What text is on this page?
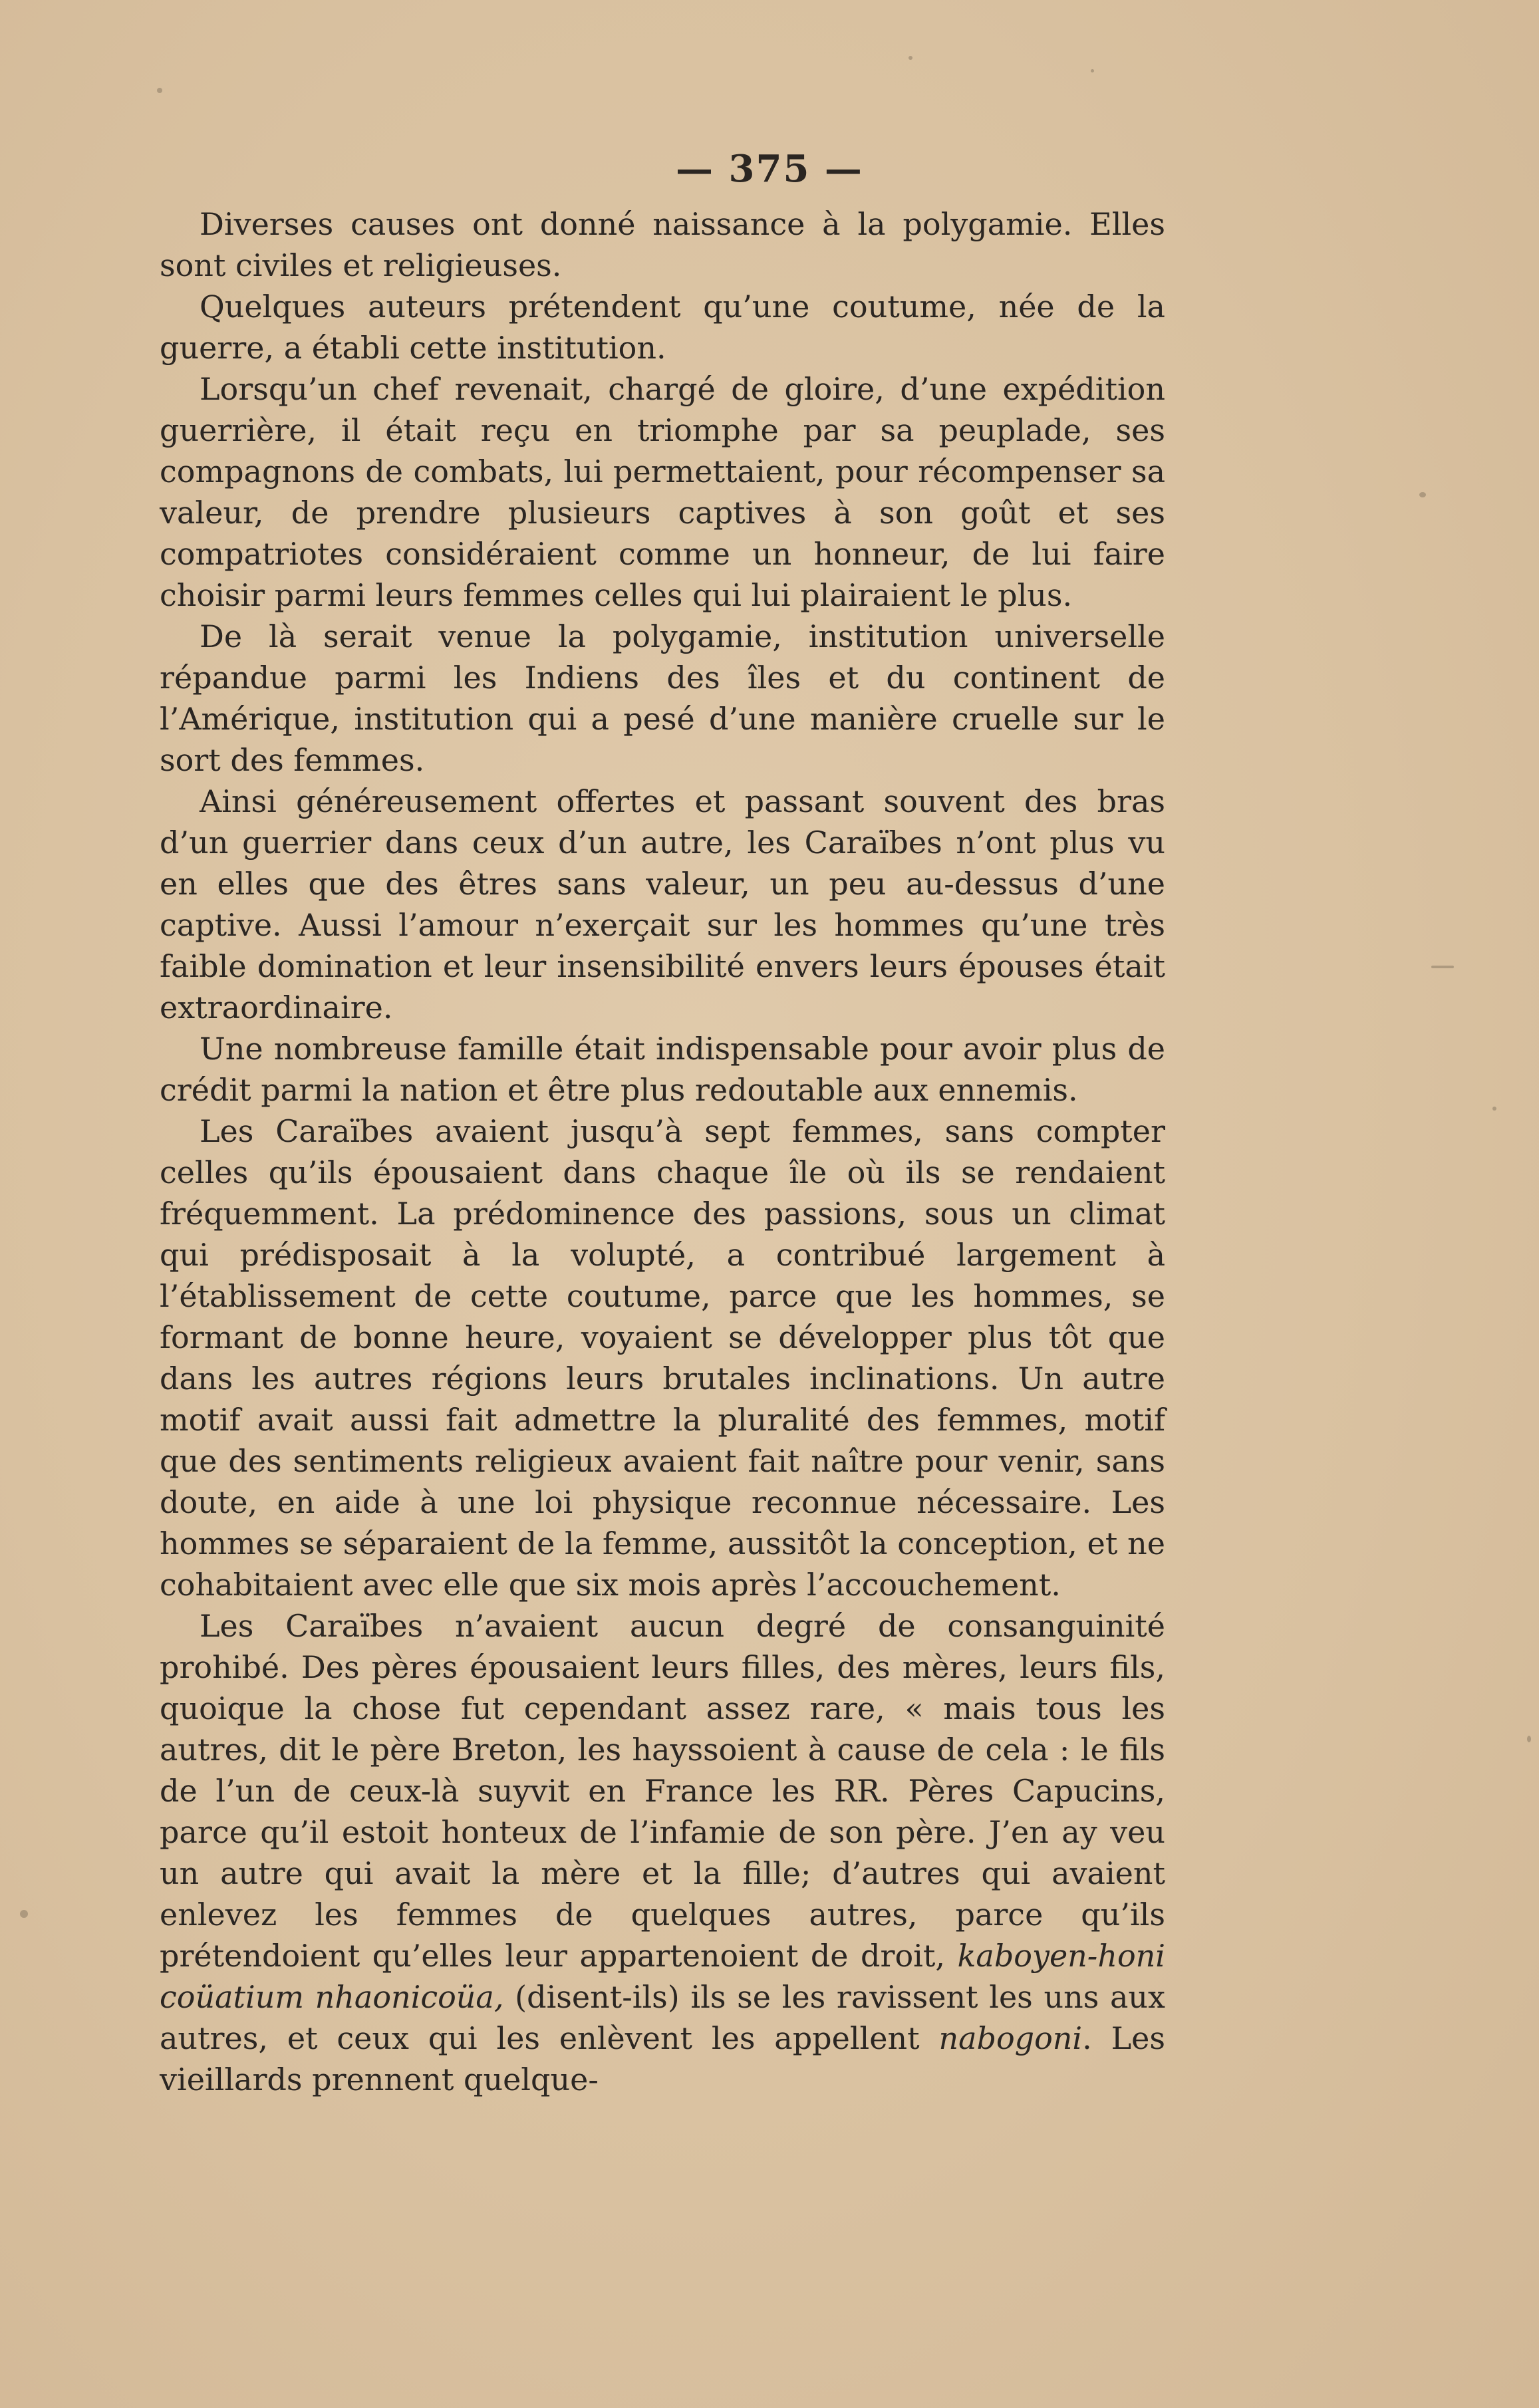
— 375 —

Diverses causes ont donné naissance à la polygamie. Elles sont civiles et religieuses.

Quelques auteurs prétendent qu’une coutume, née de la guerre, a établi cette institution.

Lorsqu’un chef revenait, chargé de gloire, d’une expédition guerrière, il était reçu en triomphe par sa peuplade, ses compagnons de combats, lui permettaient, pour récompenser sa valeur, de prendre plusieurs captives à son goût et ses compatriotes considéraient comme un honneur, de lui faire choisir parmi leurs femmes celles qui lui plairaient le plus.

De là serait venue la polygamie, institution universelle répandue parmi les Indiens des îles et du continent de l’Amérique, institution qui a pesé d’une manière cruelle sur le sort des femmes.

Ainsi généreusement offertes et passant souvent des bras d’un guerrier dans ceux d’un autre, les Caraïbes n’ont plus vu en elles que des êtres sans valeur, un peu au-dessus d’une captive. Aussi l’amour n’exerçait sur les hommes qu’une très faible domination et leur insensibilité envers leurs épouses était extraordinaire.

Une nombreuse famille était indispensable pour avoir plus de crédit parmi la nation et être plus redoutable aux ennemis.

Les Caraïbes avaient jusqu’à sept femmes, sans compter celles qu’ils épousaient dans chaque île où ils se rendaient fréquemment. La prédominence des passions, sous un climat qui prédisposait à la volupté, a contribué largement à l’établissement de cette coutume, parce que les hommes, se formant de bonne heure, voyaient se développer plus tôt que dans les autres régions leurs brutales inclinations. Un autre motif avait aussi fait admettre la pluralité des femmes, motif que des sentiments religieux avaient fait naître pour venir, sans doute, en aide à une loi physique reconnue nécessaire. Les hommes se séparaient de la femme, aussitôt la conception, et ne cohabitaient avec elle que six mois après l’accouchement.

Les Caraïbes n’avaient aucun degré de consanguinité prohibé. Des pères épousaient leurs filles, des mères, leurs fils, quoique la chose fut cependant assez rare, « mais tous les autres, dit le père Breton, les hayssoient à cause de cela : le fils de l’un de ceux-là suyvit en France les RR. Pères Capucins, parce qu’il estoit honteux de l’infamie de son père. J’en ay veu un autre qui avait la mère et la fille; d’autres qui avaient enlevez les femmes de quelques autres, parce qu’ils prétendoient qu’elles leur appartenoient de droit, kaboyen-honi coüatium nhaonicoüa, (disent-ils) ils se les ravissent les uns aux autres, et ceux qui les enlèvent les appellent nabogoni. Les vieillards prennent quelque-
